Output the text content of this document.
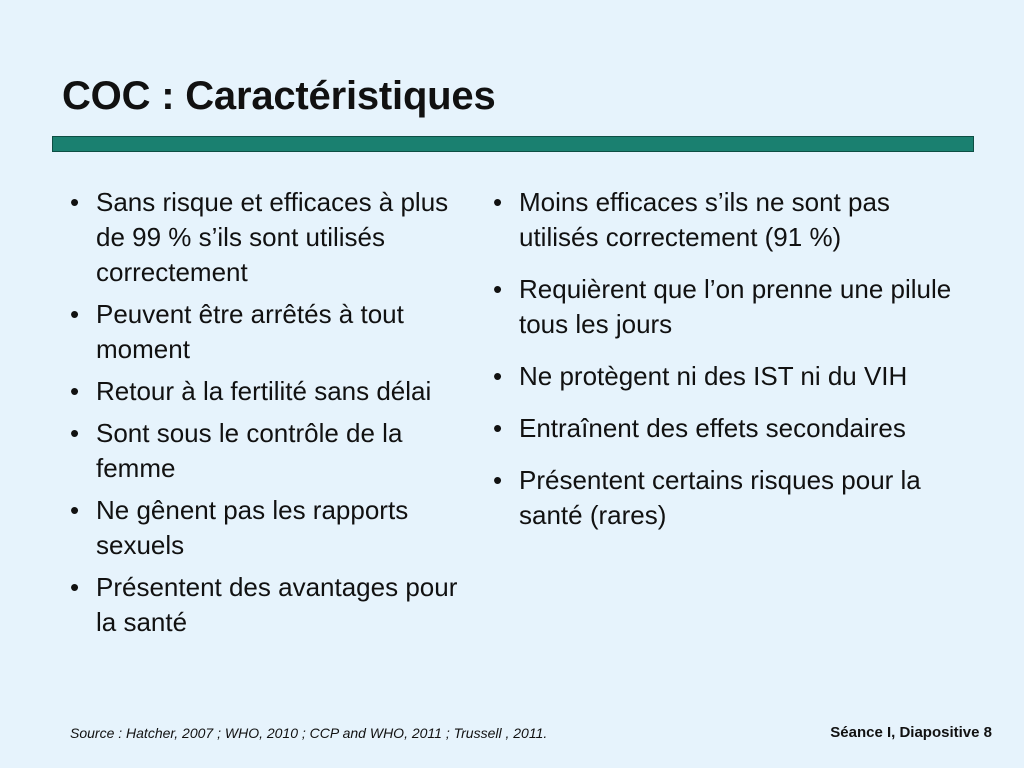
COC : Caractéristiques
• Sans risque et efficaces à plus de 99 % s’ils sont utilisés correctement
• Peuvent être arrêtés à tout moment
• Retour à la fertilité sans délai
• Sont sous le contrôle de la femme
• Ne gênent pas les rapports sexuels
• Présentent des avantages pour la santé
• Moins efficaces s’ils ne sont pas utilisés correctement (91 %)
• Requièrent que l’on prenne une pilule tous les jours
• Ne protègent ni des IST ni du VIH
• Entraînent des effets secondaires
• Présentent certains risques pour la santé (rares)
Source : Hatcher, 2007 ; WHO, 2010 ; CCP and WHO, 2011 ; Trussell , 2011.	Séance I, Diapositive 8
